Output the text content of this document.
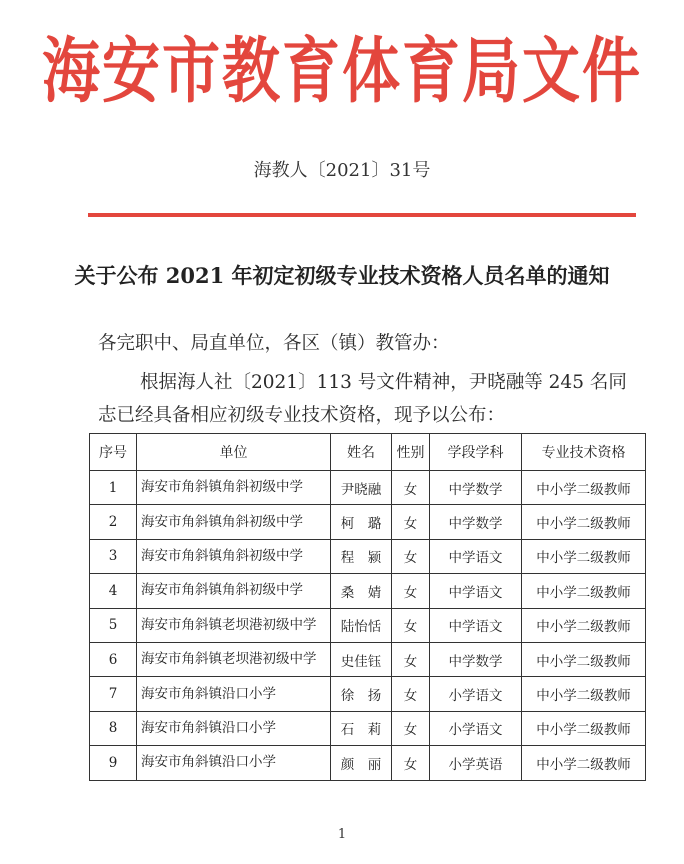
海安市教育体育局文件
海教人〔2021〕31号
关于公布 2021 年初定初级专业技术资格人员名单的通知
各完职中、局直单位，各区（镇）教管办：
根据海人社〔2021〕113 号文件精神，尹晓融等 245 名同志已经具备相应初级专业技术资格，现予以公布：
序号	单位	姓名	性别	学段学科	专业技术资格
1	海安市角斜镇角斜初级中学	尹晓融	女	中学数学	中小学二级教师
2	海安市角斜镇角斜初级中学	柯　璐	女	中学数学	中小学二级教师
3	海安市角斜镇角斜初级中学	程　颍	女	中学语文	中小学二级教师
4	海安市角斜镇角斜初级中学	桑　婧	女	中学语文	中小学二级教师
5	海安市角斜镇老坝港初级中学	陆怡恬	女	中学语文	中小学二级教师
6	海安市角斜镇老坝港初级中学	史佳钰	女	中学数学	中小学二级教师
7	海安市角斜镇沿口小学	徐　扬	女	小学语文	中小学二级教师
8	海安市角斜镇沿口小学	石　莉	女	小学语文	中小学二级教师
9	海安市角斜镇沿口小学	颜　丽	女	小学英语	中小学二级教师
1
